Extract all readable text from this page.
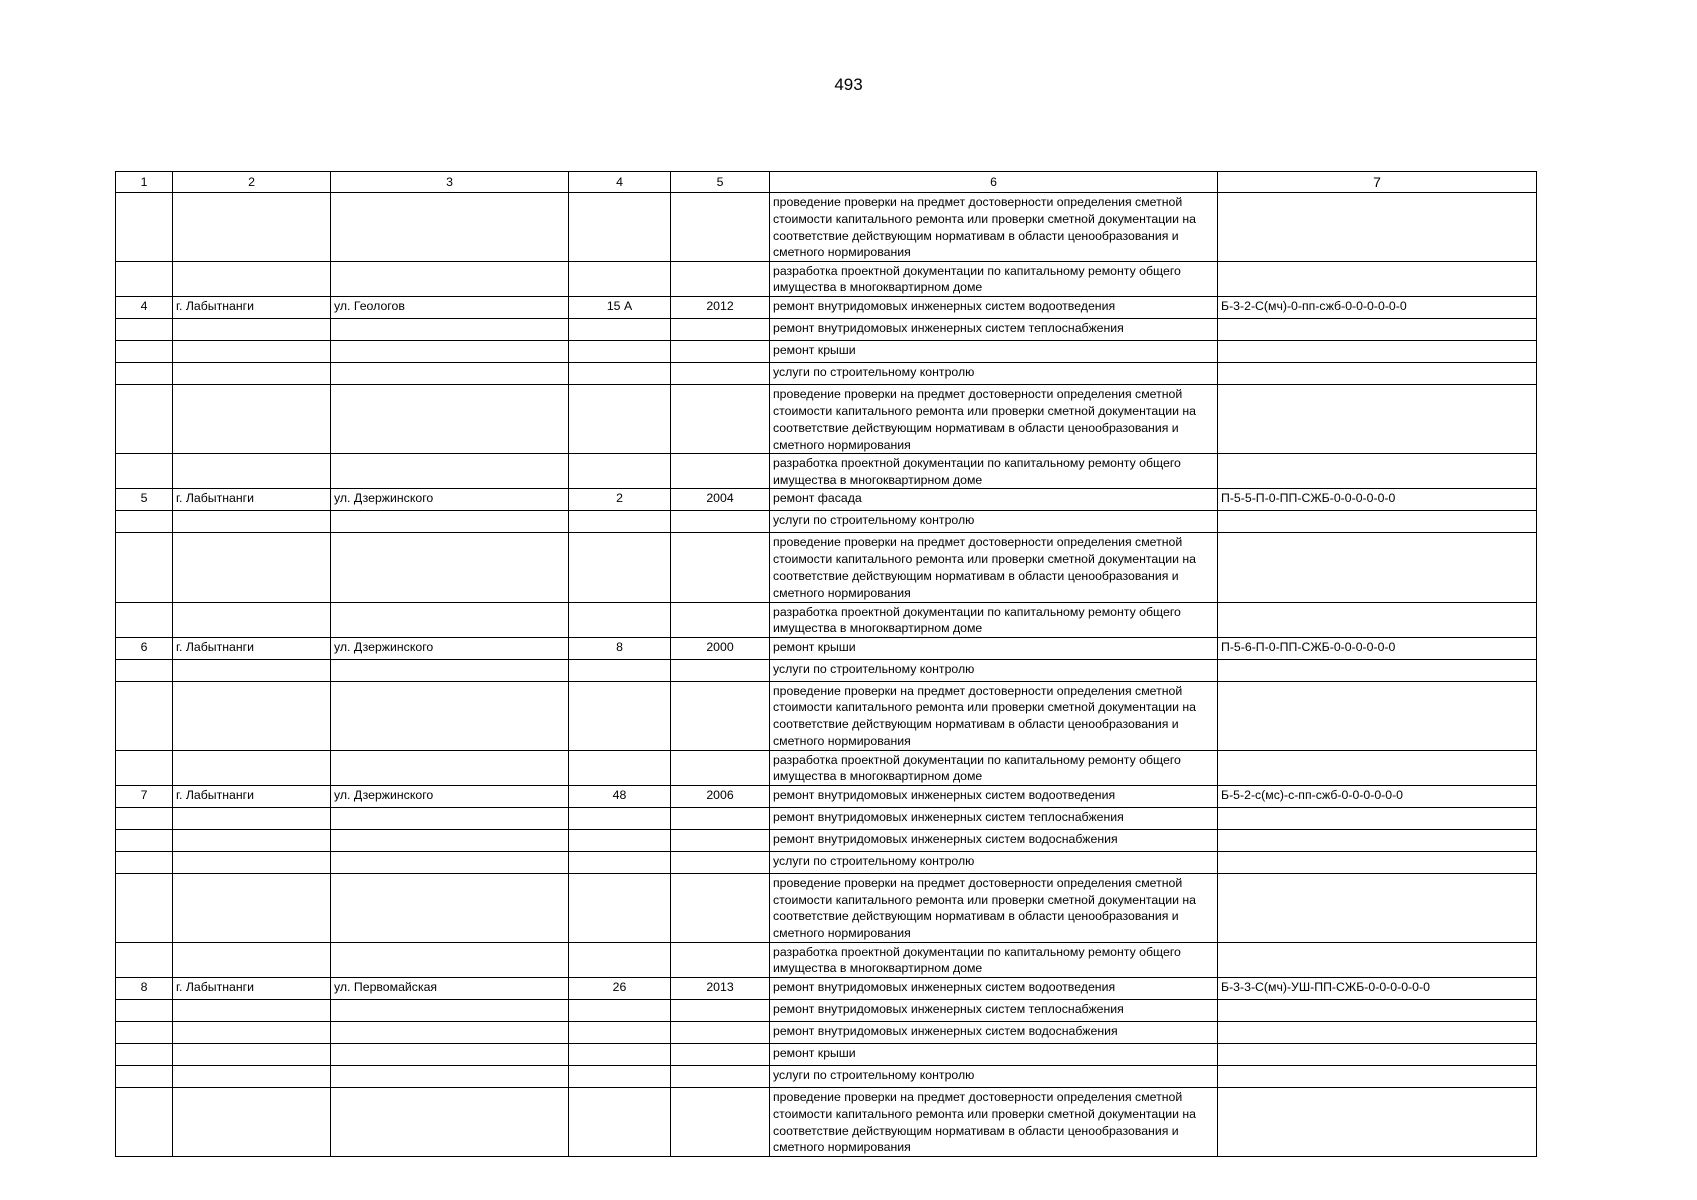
493
1	2	3	4	5	6	7
					проведение проверки на предмет достоверности определения сметной стоимости капитального ремонта или проверки сметной документации на соответствие действующим нормативам в области ценообразования и сметного нормирования	
					разработка проектной документации по капитальному ремонту общего имущества в многоквартирном доме	
4	г. Лабытнанги	ул. Геологов	15 А	2012	ремонт внутридомовых инженерных систем водоотведения	Б-3-2-С(мч)-0-пп-сжб-0-0-0-0-0-0
					ремонт внутридомовых инженерных систем теплоснабжения	
					ремонт крыши	
					услуги по строительному контролю	
					проведение проверки на предмет достоверности определения сметной стоимости капитального ремонта или проверки сметной документации на соответствие действующим нормативам в области ценообразования и сметного нормирования	
					разработка проектной документации по капитальному ремонту общего имущества в многоквартирном доме	
5	г. Лабытнанги	ул. Дзержинского	2	2004	ремонт фасада	П-5-5-П-0-ПП-СЖБ-0-0-0-0-0-0
					услуги по строительному контролю	
					проведение проверки на предмет достоверности определения сметной стоимости капитального ремонта или проверки сметной документации на соответствие действующим нормативам в области ценообразования и сметного нормирования	
					разработка проектной документации по капитальному ремонту общего имущества в многоквартирном доме	
6	г. Лабытнанги	ул. Дзержинского	8	2000	ремонт крыши	П-5-6-П-0-ПП-СЖБ-0-0-0-0-0-0
					услуги по строительному контролю	
					проведение проверки на предмет достоверности определения сметной стоимости капитального ремонта или проверки сметной документации на соответствие действующим нормативам в области ценообразования и сметного нормирования	
					разработка проектной документации по капитальному ремонту общего имущества в многоквартирном доме	
7	г. Лабытнанги	ул. Дзержинского	48	2006	ремонт внутридомовых инженерных систем водоотведения	Б-5-2-с(мс)-с-пп-сжб-0-0-0-0-0-0
					ремонт внутридомовых инженерных систем теплоснабжения	
					ремонт внутридомовых инженерных систем водоснабжения	
					услуги по строительному контролю	
					проведение проверки на предмет достоверности определения сметной стоимости капитального ремонта или проверки сметной документации на соответствие действующим нормативам в области ценообразования и сметного нормирования	
					разработка проектной документации по капитальному ремонту общего имущества в многоквартирном доме	
8	г. Лабытнанги	ул. Первомайская	26	2013	ремонт внутридомовых инженерных систем водоотведения	Б-3-3-С(мч)-УШ-ПП-СЖБ-0-0-0-0-0-0
					ремонт внутридомовых инженерных систем теплоснабжения	
					ремонт внутридомовых инженерных систем водоснабжения	
					ремонт крыши	
					услуги по строительному контролю	
					проведение проверки на предмет достоверности определения сметной стоимости капитального ремонта или проверки сметной документации на соответствие действующим нормативам в области ценообразования и сметного нормирования	
